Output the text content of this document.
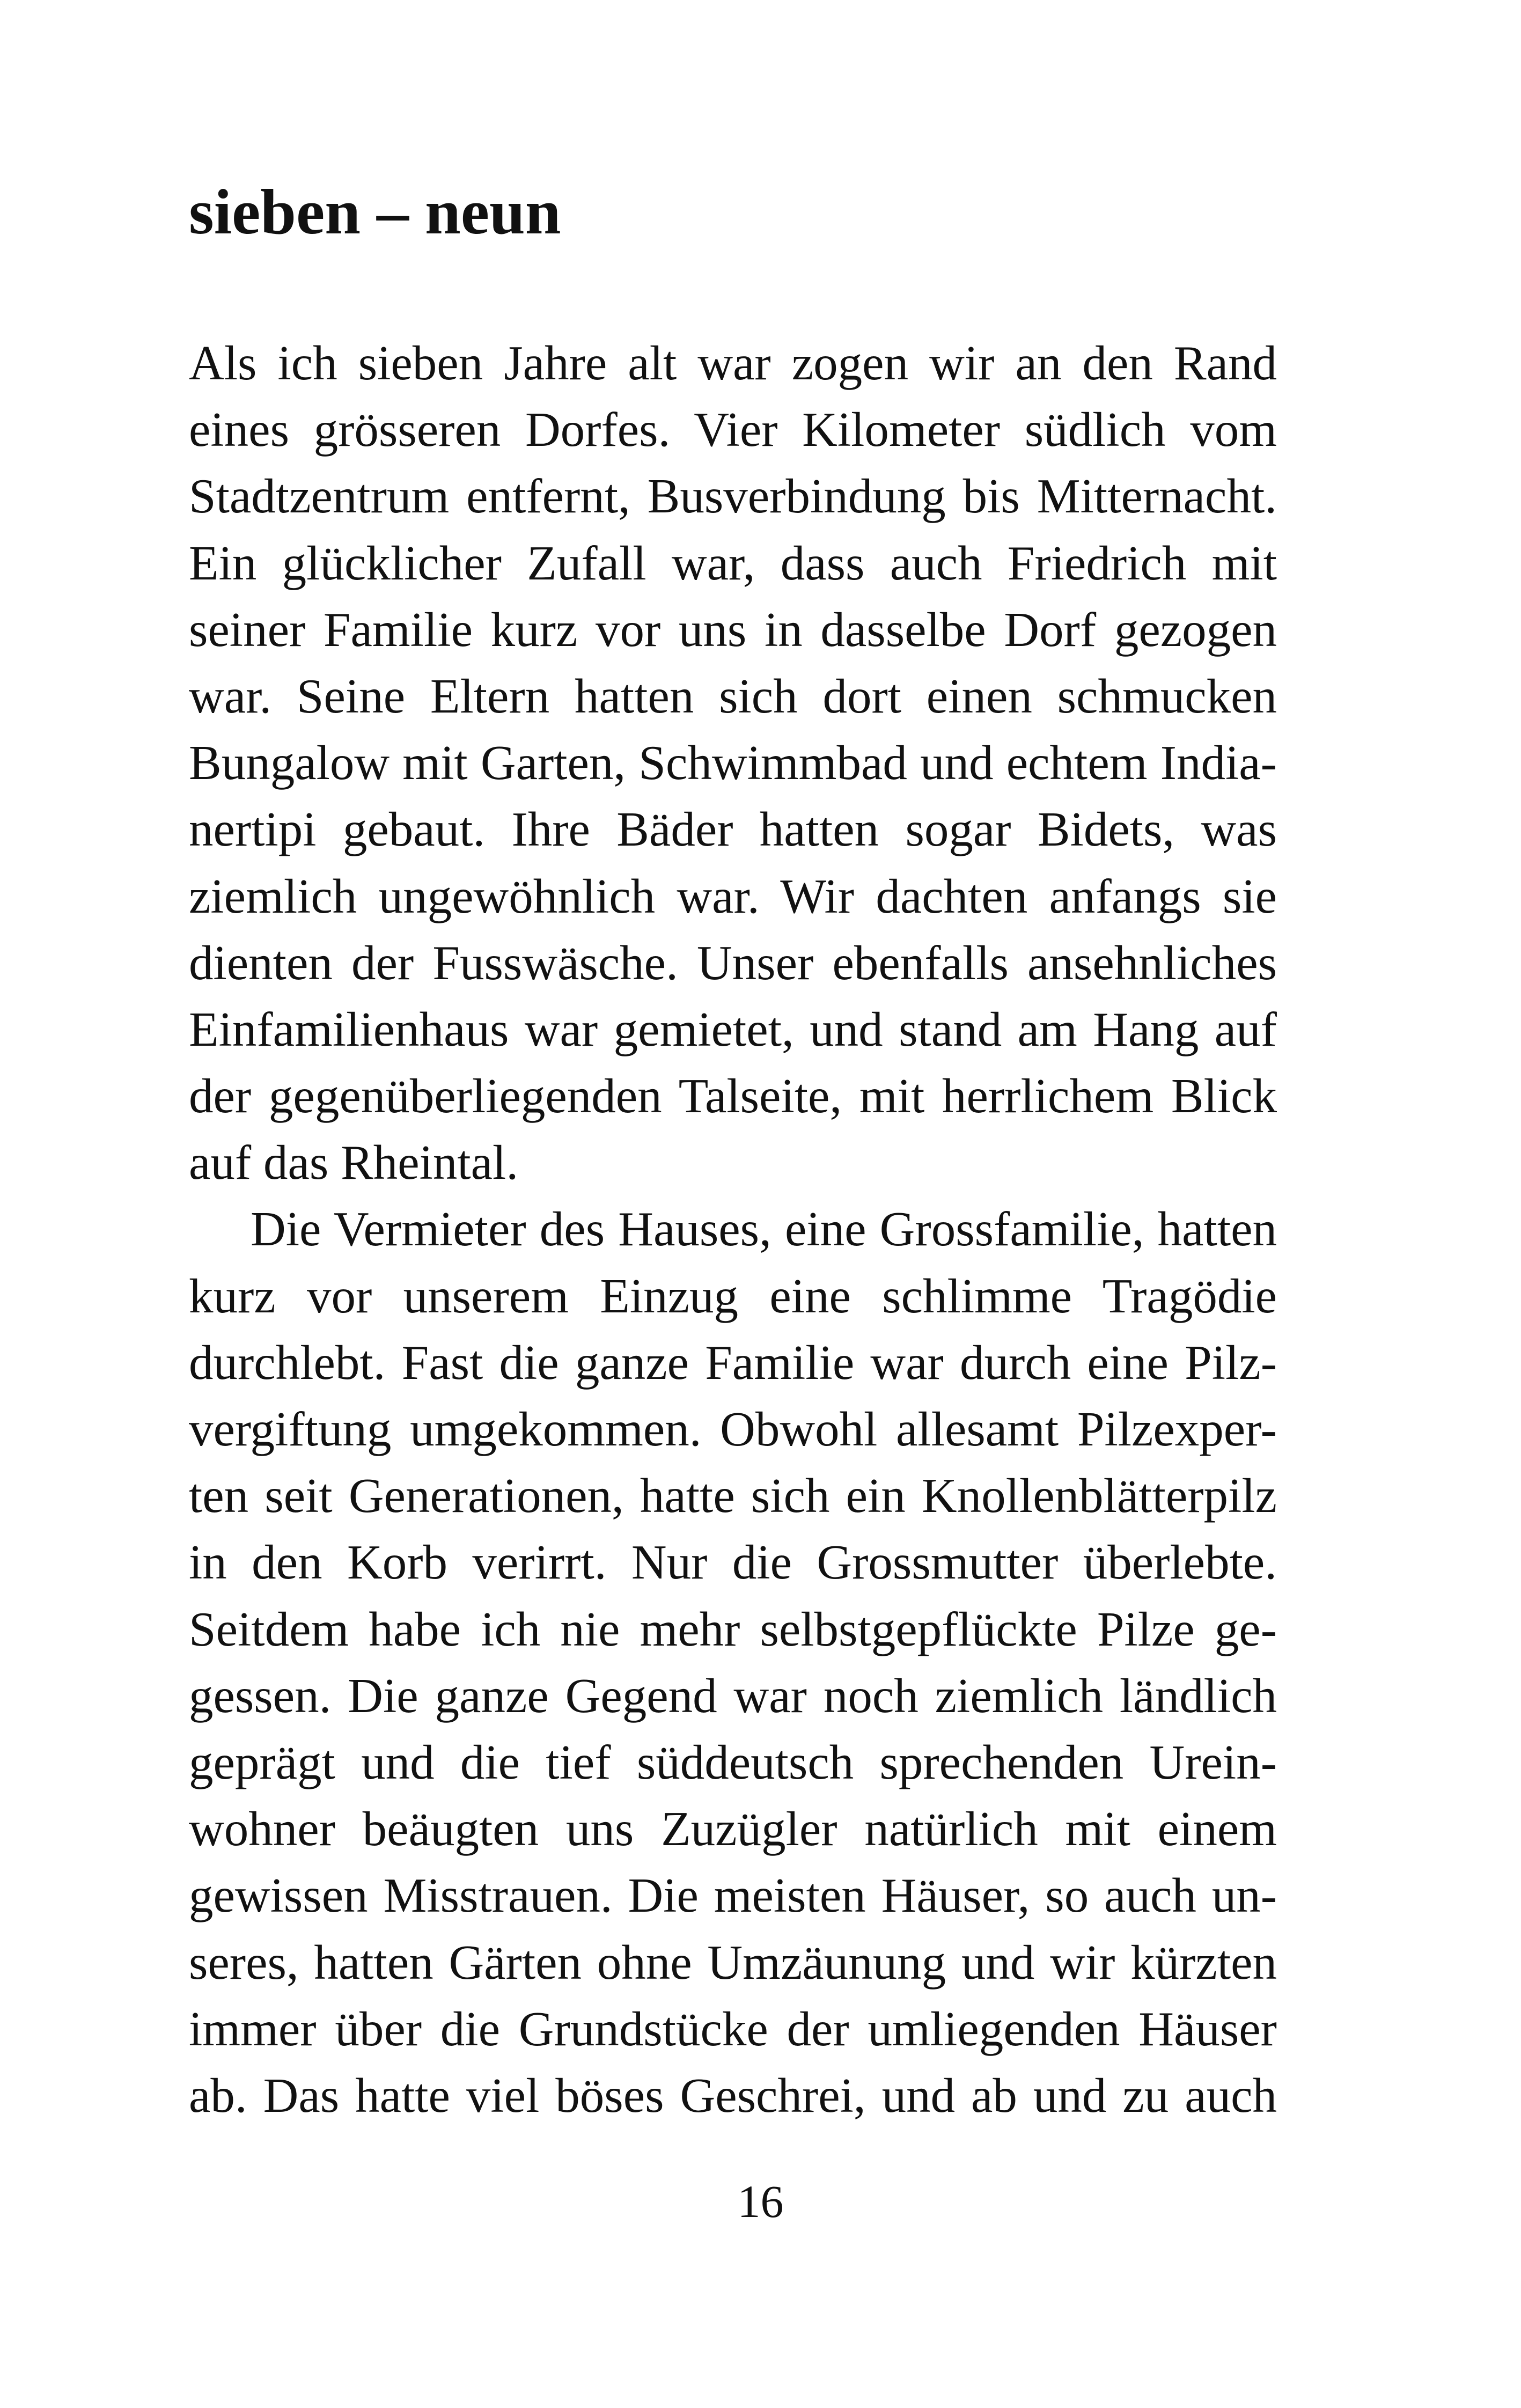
sieben – neun
Als ich sieben Jahre alt war zogen wir an den Rand
eines grösseren Dorfes. Vier Kilometer südlich vom
Stadtzentrum entfernt, Busverbindung bis Mitternacht.
Ein glücklicher Zufall war, dass auch Friedrich mit
seiner Familie kurz vor uns in dasselbe Dorf gezogen
war. Seine Eltern hatten sich dort einen schmucken
Bungalow mit Garten, Schwimmbad und echtem India-
nertipi gebaut. Ihre Bäder hatten sogar Bidets, was
ziemlich ungewöhnlich war. Wir dachten anfangs sie
dienten der Fusswäsche. Unser ebenfalls ansehnliches
Einfamilienhaus war gemietet, und stand am Hang auf
der gegenüberliegenden Talseite, mit herrlichem Blick
auf das Rheintal.
Die Vermieter des Hauses, eine Grossfamilie, hatten
kurz vor unserem Einzug eine schlimme Tragödie
durchlebt. Fast die ganze Familie war durch eine Pilz-
vergiftung umgekommen. Obwohl allesamt Pilzexper-
ten seit Generationen, hatte sich ein Knollenblätterpilz
in den Korb verirrt. Nur die Grossmutter überlebte.
Seitdem habe ich nie mehr selbstgepflückte Pilze ge-
gessen. Die ganze Gegend war noch ziemlich ländlich
geprägt und die tief süddeutsch sprechenden Urein-
wohner beäugten uns Zuzügler natürlich mit einem
gewissen Misstrauen. Die meisten Häuser, so auch un-
seres, hatten Gärten ohne Umzäunung und wir kürzten
immer über die Grundstücke der umliegenden Häuser
ab. Das hatte viel böses Geschrei, und ab und zu auch
16
